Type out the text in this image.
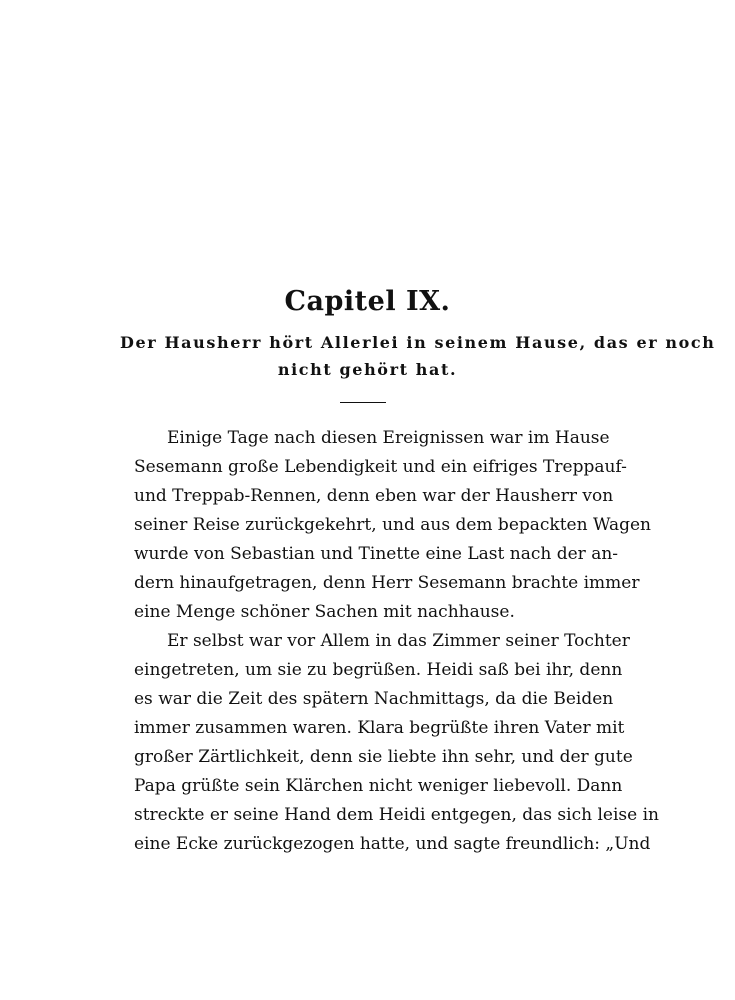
Capitel IX.
Der Hausherr hört Allerlei in seinem Hause, das er noch
nicht gehört hat.
Einige Tage nach diesen Ereignissen war im Hause
Sesemann große Lebendigkeit und ein eifriges Treppauf-
und Treppab-Rennen, denn eben war der Hausherr von
seiner Reise zurückgekehrt, und aus dem bepackten Wagen
wurde von Sebastian und Tinette eine Last nach der an-
dern hinaufgetragen, denn Herr Sesemann brachte immer
eine Menge schöner Sachen mit nachhause.
Er selbst war vor Allem in das Zimmer seiner Tochter
eingetreten, um sie zu begrüßen. Heidi saß bei ihr, denn
es war die Zeit des spätern Nachmittags, da die Beiden
immer zusammen waren. Klara begrüßte ihren Vater mit
großer Zärtlichkeit, denn sie liebte ihn sehr, und der gute
Papa grüßte sein Klärchen nicht weniger liebevoll. Dann
streckte er seine Hand dem Heidi entgegen, das sich leise in
eine Ecke zurückgezogen hatte, und sagte freundlich: „Und
